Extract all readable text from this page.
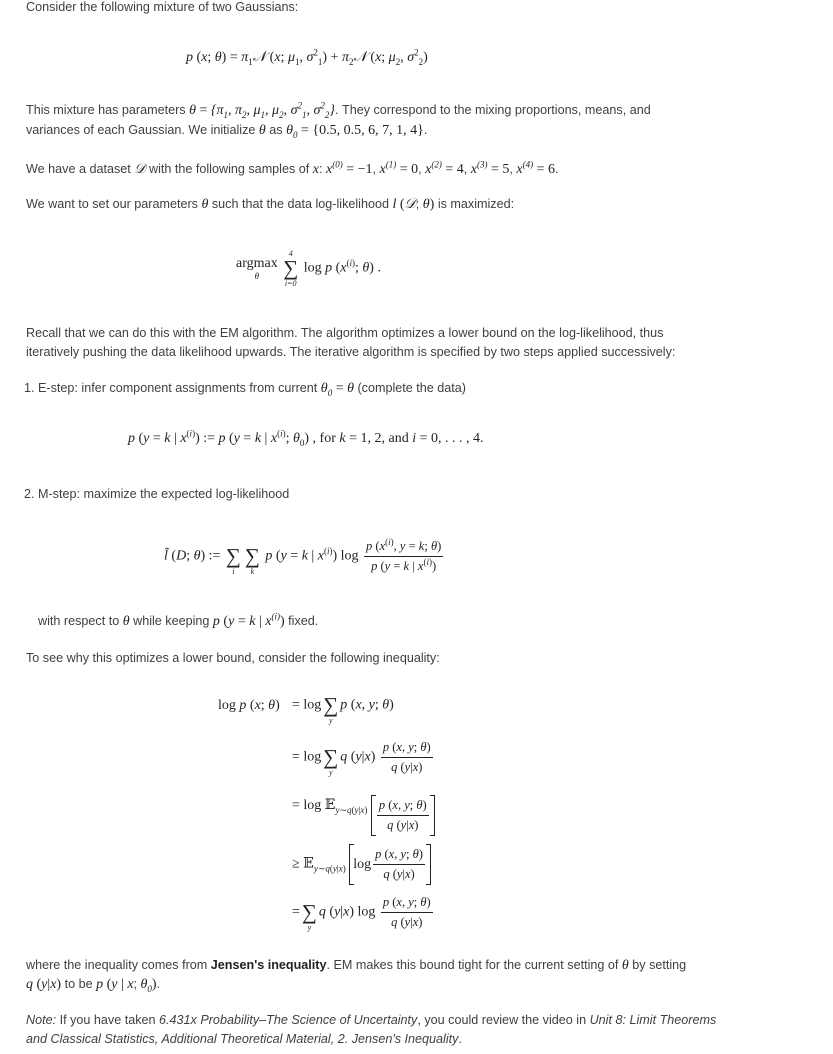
Consider the following mixture of two Gaussians:
p (x; $\theta) = \pi_1𝒩$ (x; $\mu_1$, $\sigma^2_1$) + $\pi_2𝒩$ (x; $\mu_2$, $\sigma^2_2$)
This mixture has parameters $\theta = \{\pi_1$, $\pi_2$, $\mu_1$, $\mu_2$, $\sigma^2_1$, $\sigma^2_2$}. They correspond to the mixing proportions, means, and
variances of each Gaussian. We initialize θ as $\theta_0 = \{0.5$, 0.5, 6, 7, 1, 4}.
We have a dataset 𝒟 with the following samples of x: $x^{(0)} = -1$, $x^{(1)} = 0$, $x^{(2)} = 4$, $x^{(3)} = 5$, $x^{(4)} = 6$.
We want to set our parameters θ such that the data log-likelihood l (𝒟; θ) is maximized:
argmax
θ

4
∑
i=0
log p ($x^{(i)}$; θ) .
Recall that we can do this with the EM algorithm. The algorithm optimizes a lower bound on the log-likelihood, thus
iteratively pushing the data likelihood upwards. The iterative algorithm is specified by two steps applied successively:
1. E-step: infer component assignments from current $\theta_0 = \theta$ (complete the data)
p (y = k | $x^{(i)}$) := p (y = k | $x^{(i)}$; $\theta_0$) , for k = 1, 2, and i = 0, . . . , 4.
2. M-step: maximize the expected log-likelihood
l̃ (D; θ) :=
∑
i

∑
k
p (y = k | $x^{(i)}$) $\log \frac{p (x^{(i)}, y = k; \theta)}{p (y = k | x^{(i)})}$
with respect to θ while keeping p (y = k | $x^{(i)}$) fixed.
To see why this optimizes a lower bound, consider the following inequality:
log p (x; θ) = log
∑
y
p (x, y; θ)
= log
∑
y
q $(y|x) \frac{p (x, y; \theta)}{q (y|x)}$
= log 𝔼$_{y\sim q(y|x)}$ $\frac{p (x, y; \theta)}{q (y|x)}$
≥ 𝔼$_{y\sim q(y|x)}$ $\log \frac{p (x, y; \theta)}{q (y|x)}$
=
∑
y
q (y|x) $\log \frac{p (x, y; \theta)}{q (y|x)}$
where the inequality comes from Jensen's inequality. EM makes this bound tight for the current setting of θ by setting
q (y|x) to be p (y | x; $\theta_0$).
Note: If you have taken 6.431x Probability–The Science of Uncertainty, you could review the video in Unit 8: Limit Theorems
and Classical Statistics, Additional Theoretical Material, 2. Jensen's Inequality.
